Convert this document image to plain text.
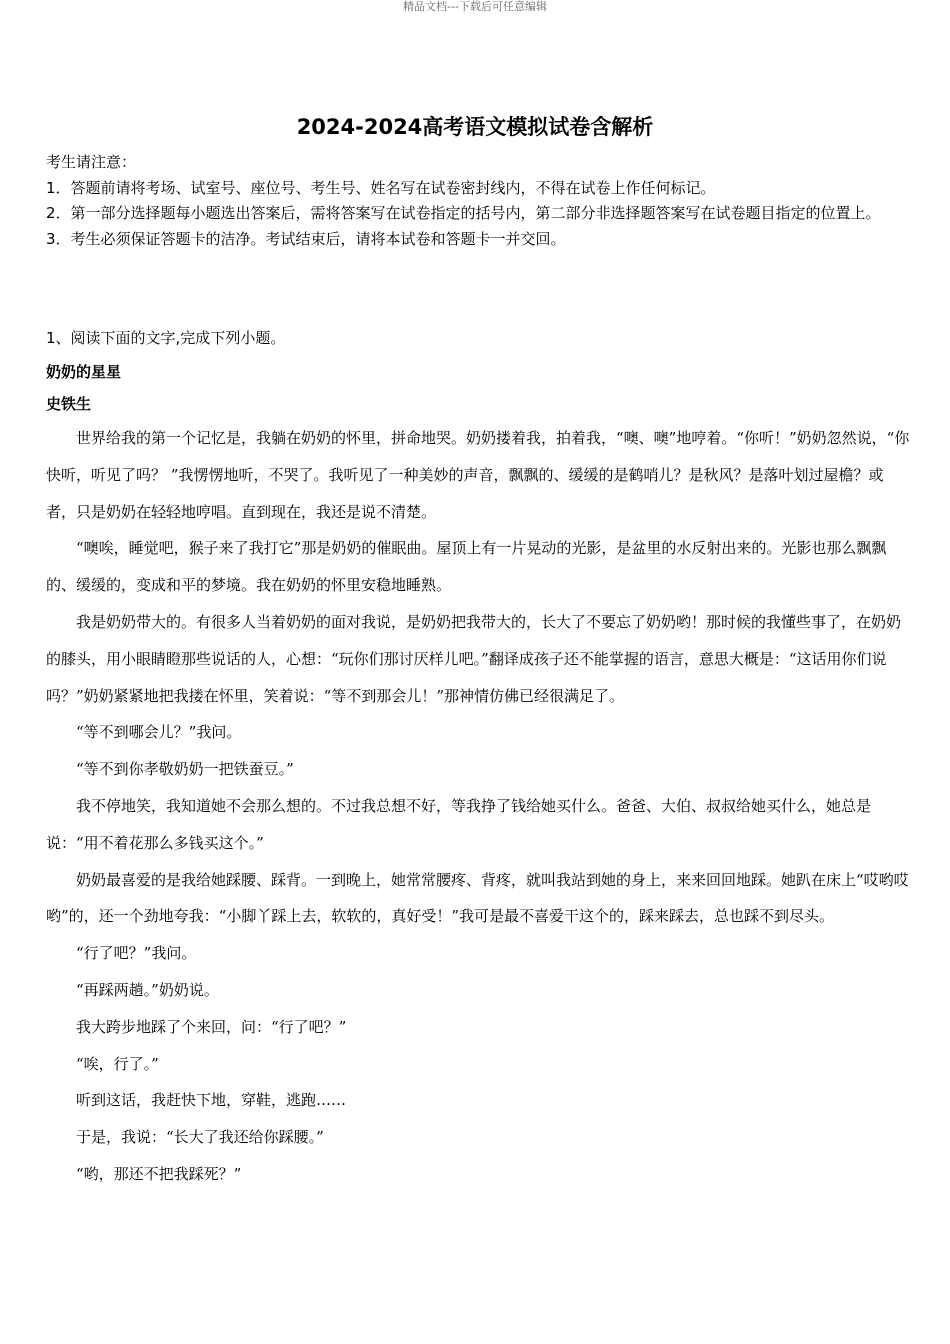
精品文档---下载后可任意编辑
2024-2024高考语文模拟试卷含解析
考生请注意：
1．答题前请将考场、试室号、座位号、考生号、姓名写在试卷密封线内，不得在试卷上作任何标记。
2．第一部分选择题每小题选出答案后，需将答案写在试卷指定的括号内，第二部分非选择题答案写在试卷题目指定的位置上。
3．考生必须保证答题卡的洁净。考试结束后，请将本试卷和答题卡一并交回。
1、阅读下面的文字,完成下列小题。
奶奶的星星
史铁生

世界给我的第一个记忆是，我躺在奶奶的怀里，拼命地哭。奶奶搂着我，拍着我，“噢、噢”地哼着。“你听！”奶奶忽然说，“你快听，听见了吗？ ”我愣愣地听，不哭了。我听见了一种美妙的声音，飘飘的、缓缓的是鹤哨儿？是秋风？是落叶划过屋檐？或者，只是奶奶在轻轻地哼唱。直到现在，我还是说不清楚。

“噢唉，睡觉吧，猴子来了我打它”那是奶奶的催眠曲。屋顶上有一片晃动的光影，是盆里的水反射出来的。光影也那么飘飘的、缓缓的，变成和平的梦境。我在奶奶的怀里安稳地睡熟。

我是奶奶带大的。有很多人当着奶奶的面对我说，是奶奶把我带大的，长大了不要忘了奶奶哟！那时候的我懂些事了，在奶奶的膝头，用小眼睛瞪那些说话的人，心想：“玩你们那讨厌样儿吧。”翻译成孩子还不能掌握的语言，意思大概是：“这话用你们说吗？”奶奶紧紧地把我搂在怀里，笑着说：“等不到那会儿！”那神情仿佛已经很满足了。

“等不到哪会儿？”我问。

“等不到你孝敬奶奶一把铁蚕豆。”

我不停地笑，我知道她不会那么想的。不过我总想不好，等我挣了钱给她买什么。爸爸、大伯、叔叔给她买什么，她总是说：“用不着花那么多钱买这个。”

奶奶最喜爱的是我给她踩腰、踩背。一到晚上，她常常腰疼、背疼，就叫我站到她的身上，来来回回地踩。她趴在床上“哎哟哎哟”的，还一个劲地夸我：“小脚丫踩上去，软软的，真好受！”我可是最不喜爱干这个的，踩来踩去，总也踩不到尽头。

“行了吧？”我问。

“再踩两趟。”奶奶说。

我大跨步地踩了个来回，问：“行了吧？”

“唉，行了。”

听到这话，我赶快下地，穿鞋，逃跑……

于是，我说：“长大了我还给你踩腰。”

“哟，那还不把我踩死？”
